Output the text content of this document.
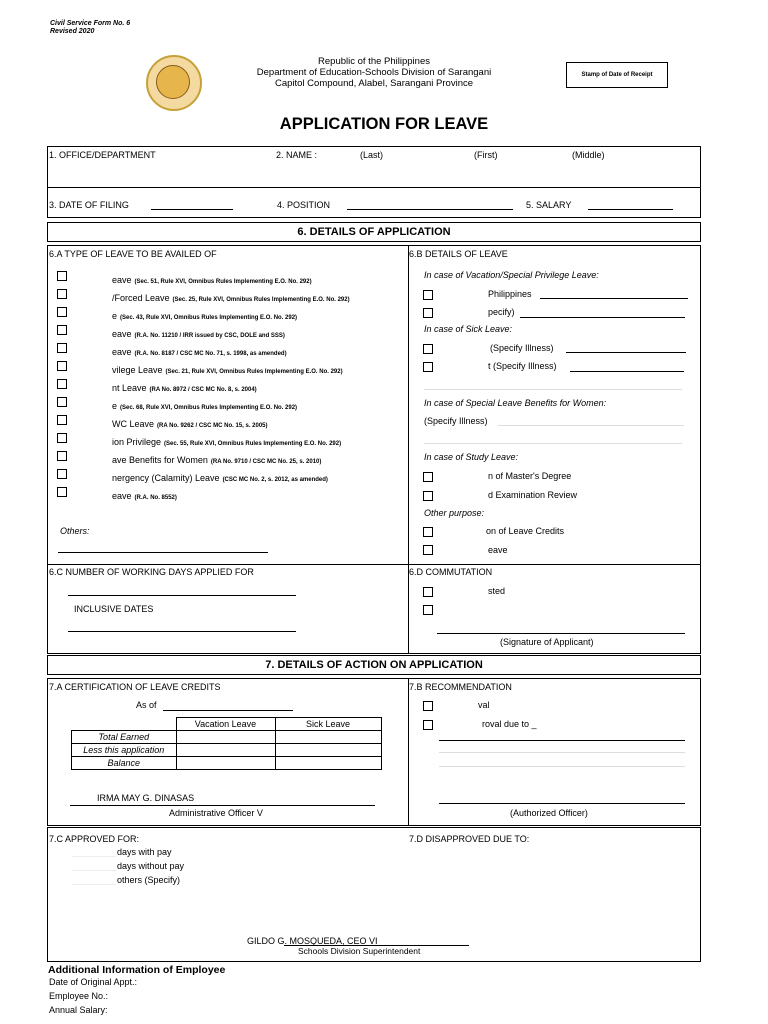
Civil Service Form No. 6
Revised 2020
Republic of the Philippines
Department of Education-Schools Division of Sarangani
Capitol Compound, Alabel, Sarangani Province
Stamp of Date of Receipt
APPLICATION FOR LEAVE
1. OFFICE/DEPARTMENT	2. NAME :	(Last)	(First)	(Middle)
3. DATE OF FILING	4. POSITION	5. SALARY
6. DETAILS OF APPLICATION
6.A TYPE OF LEAVE TO BE AVAILED OF
eave (Sec. 51, Rule XVI, Omnibus Rules Implementing E.O. No. 292)
/Forced Leave (Sec. 25, Rule XVI, Omnibus Rules Implementing E.O. No. 292)
e (Sec. 43, Rule XVI, Omnibus Rules Implementing E.O. No. 292)
eave (R.A. No. 11210 / IRR issued by CSC, DOLE and SSS)
eave (R.A. No. 8187 / CSC MC No. 71, s. 1998, as amended)
vilege Leave (Sec. 21, Rule XVI, Omnibus Rules Implementing E.O. No. 292)
nt Leave (RA No. 8972 / CSC MC No. 8, s. 2004)
e (Sec. 68, Rule XVI, Omnibus Rules Implementing E.O. No. 292)
WC Leave (RA No. 9262 / CSC MC No. 15, s. 2005)
ion Privilege (Sec. 55, Rule XVI, Omnibus Rules Implementing E.O. No. 292)
ave Benefits for Women (RA No. 9710 / CSC MC No. 25, s. 2010)
nergency (Calamity) Leave (CSC MC No. 2, s. 2012, as amended)
eave (R.A. No. 8552)
Others:
6.B DETAILS OF LEAVE
In case of Vacation/Special Privilege Leave:
Philippines
pecify)
In case of Sick Leave:
(Specify Illness)
t (Specify Illness)
In case of Special Leave Benefits for Women:
(Specify Illness)
In case of Study Leave:
n of Master's Degree
d Examination Review
Other purpose:
on of Leave Credits
eave
6.C NUMBER OF WORKING DAYS APPLIED FOR
INCLUSIVE DATES
6.D COMMUTATION
sted
(Signature of Applicant)
7. DETAILS OF ACTION ON APPLICATION
7.A CERTIFICATION OF LEAVE CREDITS
As of
	Vacation Leave	Sick Leave
Total Earned		
Less this application		
Balance		
IRMA MAY G. DINASAS
Administrative Officer V
7.B RECOMMENDATION
val
roval due to _
(Authorized Officer)
7.C APPROVED FOR:
days with pay
days without pay
others (Specify)
7.D DISAPPROVED DUE TO:
GILDO G. MOSQUEDA, CEO VI
Schools Division Superintendent
Additional Information of Employee
Date of Original Appt.:
Employee No.:
Annual Salary:
